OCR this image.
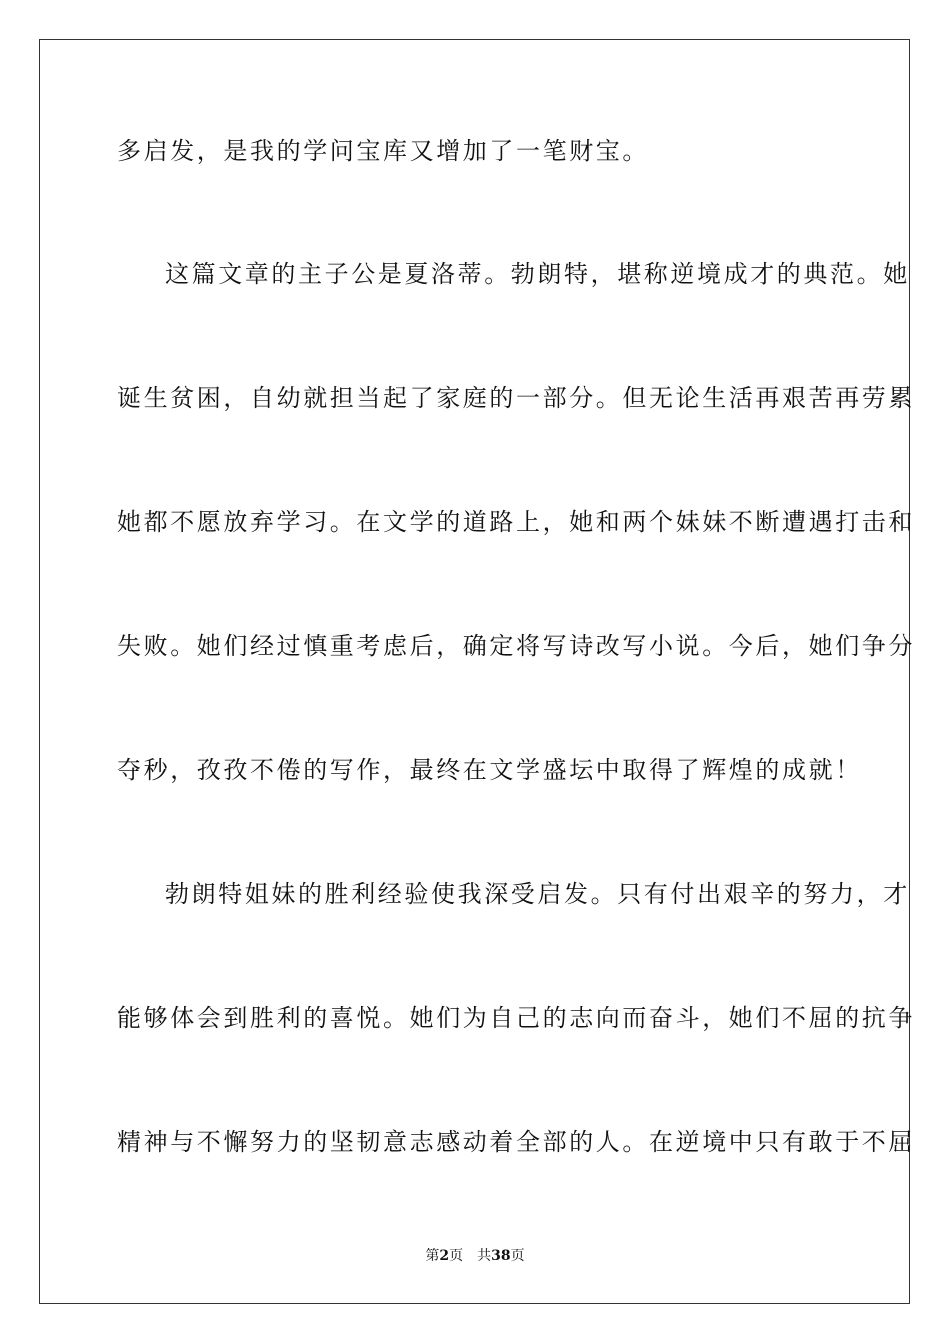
多启发，是我的学问宝库又增加了一笔财宝。
这篇文章的主子公是夏洛蒂。勃朗特，堪称逆境成才的典范。她
诞生贫困，自幼就担当起了家庭的一部分。但无论生活再艰苦再劳累
她都不愿放弃学习。在文学的道路上，她和两个妹妹不断遭遇打击和
失败。她们经过慎重考虑后，确定将写诗改写小说。今后，她们争分
夺秒，孜孜不倦的写作，最终在文学盛坛中取得了辉煌的成就！
勃朗特姐妹的胜利经验使我深受启发。只有付出艰辛的努力，才
能够体会到胜利的喜悦。她们为自己的志向而奋斗，她们不屈的抗争
精神与不懈努力的坚韧意志感动着全部的人。在逆境中只有敢于不屈
第2页 共38页
